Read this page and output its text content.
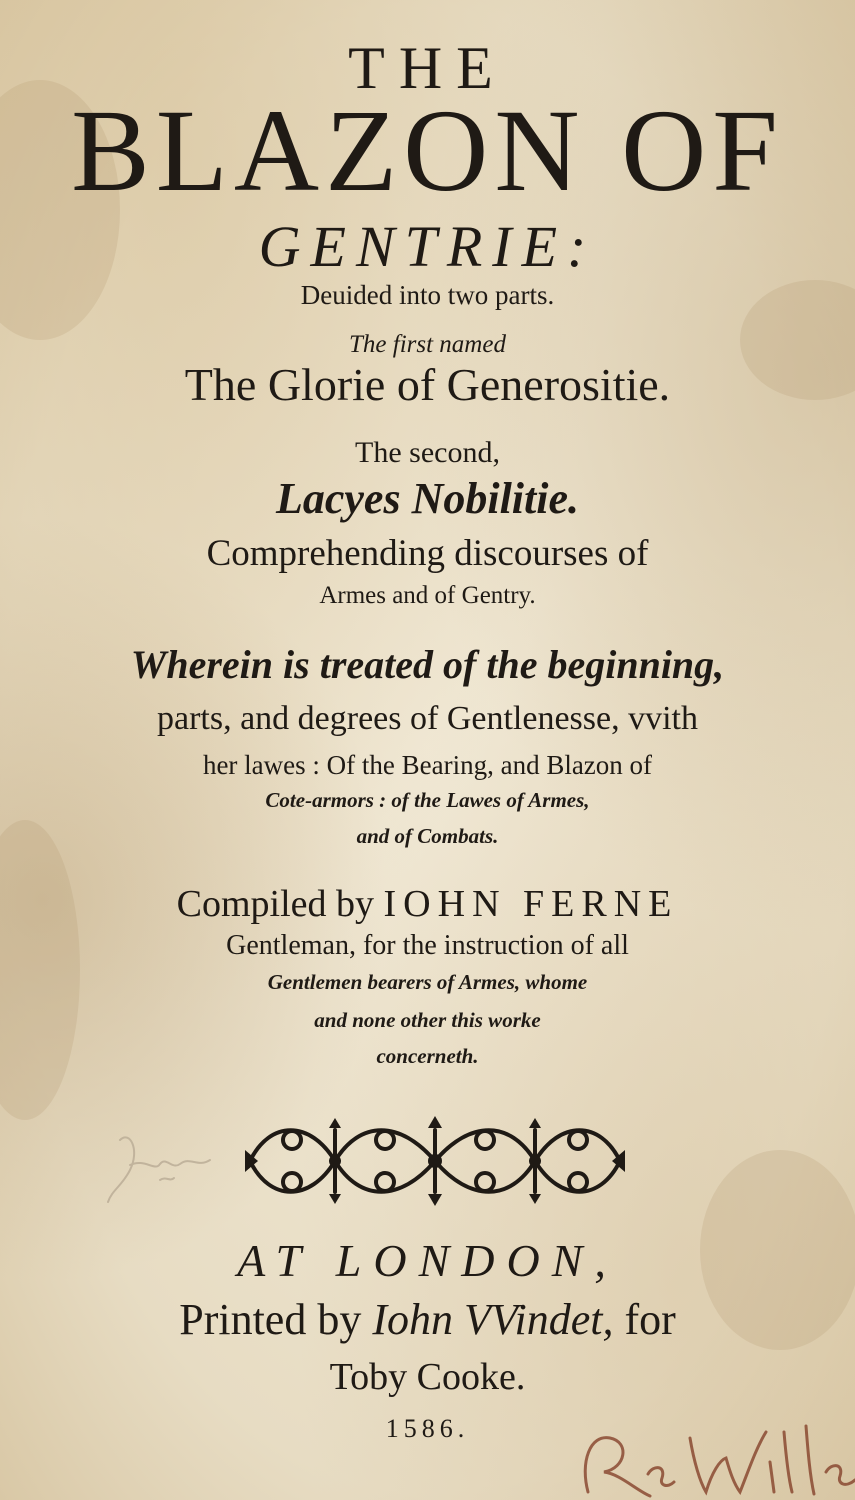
THE
BLAZON OF
GENTRIE:
Deuided into two parts.
The first named
The Glorie of Generositie.
The second,
Lacyes Nobilitie.
Comprehending discourses of
Armes and of Gentry.
Wherein is treated of the beginning,
parts, and degrees of Gentlenesse, vvith
her lawes : Of the Bearing, and Blazon of
Cote-armors : of the Lawes of Armes,
and of Combats.
Compiled by IOHN FERNE
Gentleman, for the instruction of all
Gentlemen bearers of Armes, whome
and none other this worke
concerneth.
AT LONDON,
Printed by Iohn VVindet, for
Toby Cooke.
1586.
